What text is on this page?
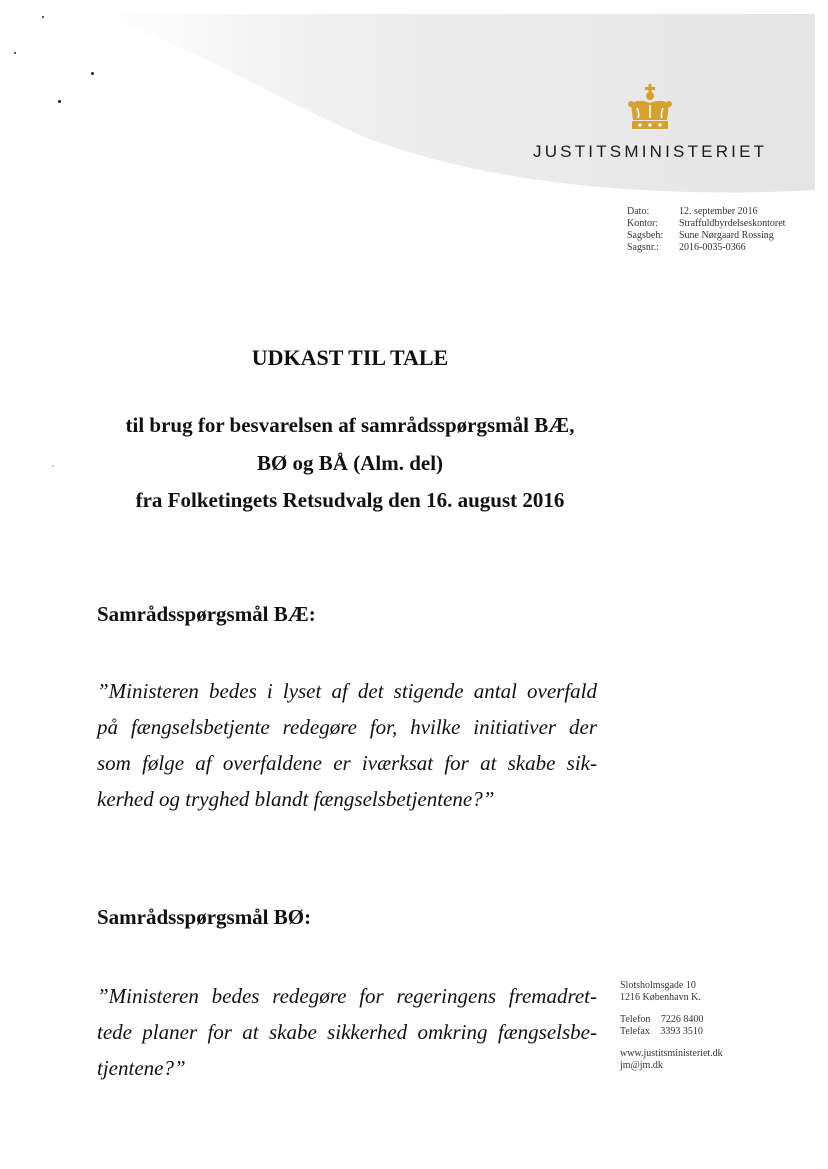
JUSTITSMINISTERIET
Dato:	12. september 2016
Kontor:	Straffuldbyrdelseskontoret
Sagsbeh:	Sune Nørgaard Rossing
Sagsnr.:	2016-0035-0366
UDKAST TIL TALE
til brug for besvarelsen af samrådsspørgsmål BÆ,
BØ og BÅ (Alm. del)
fra Folketingets Retsudvalg den 16. august 2016
Samrådsspørgsmål BÆ:
”Ministeren bedes i lyset af det stigende antal overfald
på fængselsbetjente redegøre for, hvilke initiativer der
som følge af overfaldene er iværksat for at skabe sik-
kerhed og tryghed blandt fængselsbetjentene?”
Samrådsspørgsmål BØ:
”Ministeren bedes redegøre for regeringens fremadret-
tede planer for at skabe sikkerhed omkring fængselsbe-
tjentene?”
Slotsholmsgade 10
1216 København K.
Telefon 7226 8400
Telefax 3393 3510
www.justitsministeriet.dk
jm@jm.dk
